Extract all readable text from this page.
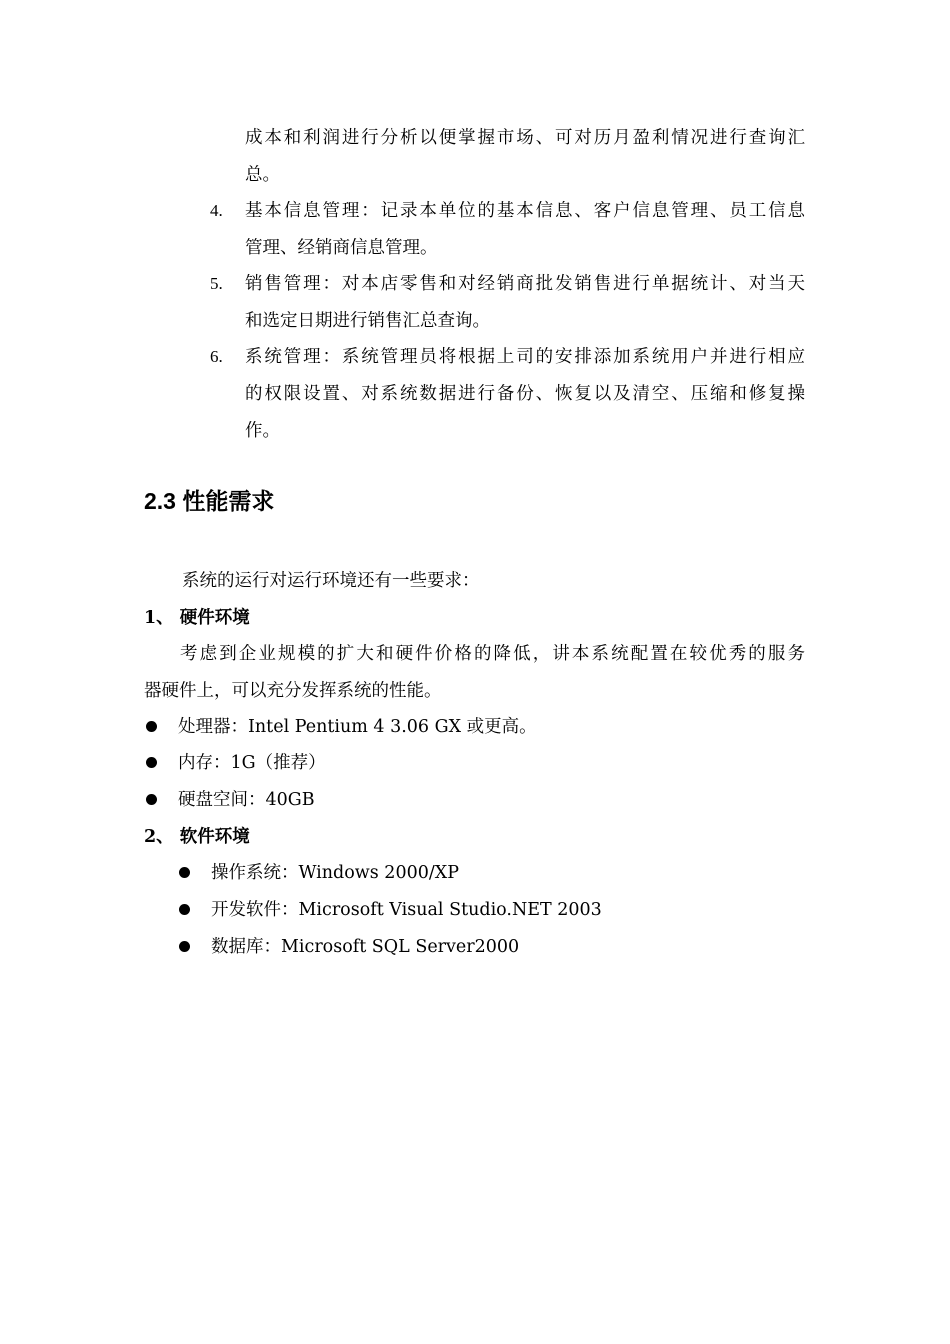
成本和利润进行分析以便掌握市场、可对历月盈利情况进行查询汇
总。
4. 基本信息管理：记录本单位的基本信息、客户信息管理、员工信息
管理、经销商信息管理。
5. 销售管理：对本店零售和对经销商批发销售进行单据统计、对当天
和选定日期进行销售汇总查询。
6. 系统管理：系统管理员将根据上司的安排添加系统用户并进行相应
的权限设置、对系统数据进行备份、恢复以及清空、压缩和修复操
作。
2.3 性能需求
系统的运行对运行环境还有一些要求：
1、 硬件环境
考虑到企业规模的扩大和硬件价格的降低，讲本系统配置在较优秀的服务
器硬件上，可以充分发挥系统的性能。
处理器：Intel Pentium 4 3.06 GX 或更高。
内存：1G（推荐）
硬盘空间：40GB
2、 软件环境
操作系统：Windows 2000/XP
开发软件：Microsoft Visual Studio.NET 2003
数据库：Microsoft SQL Server2000
